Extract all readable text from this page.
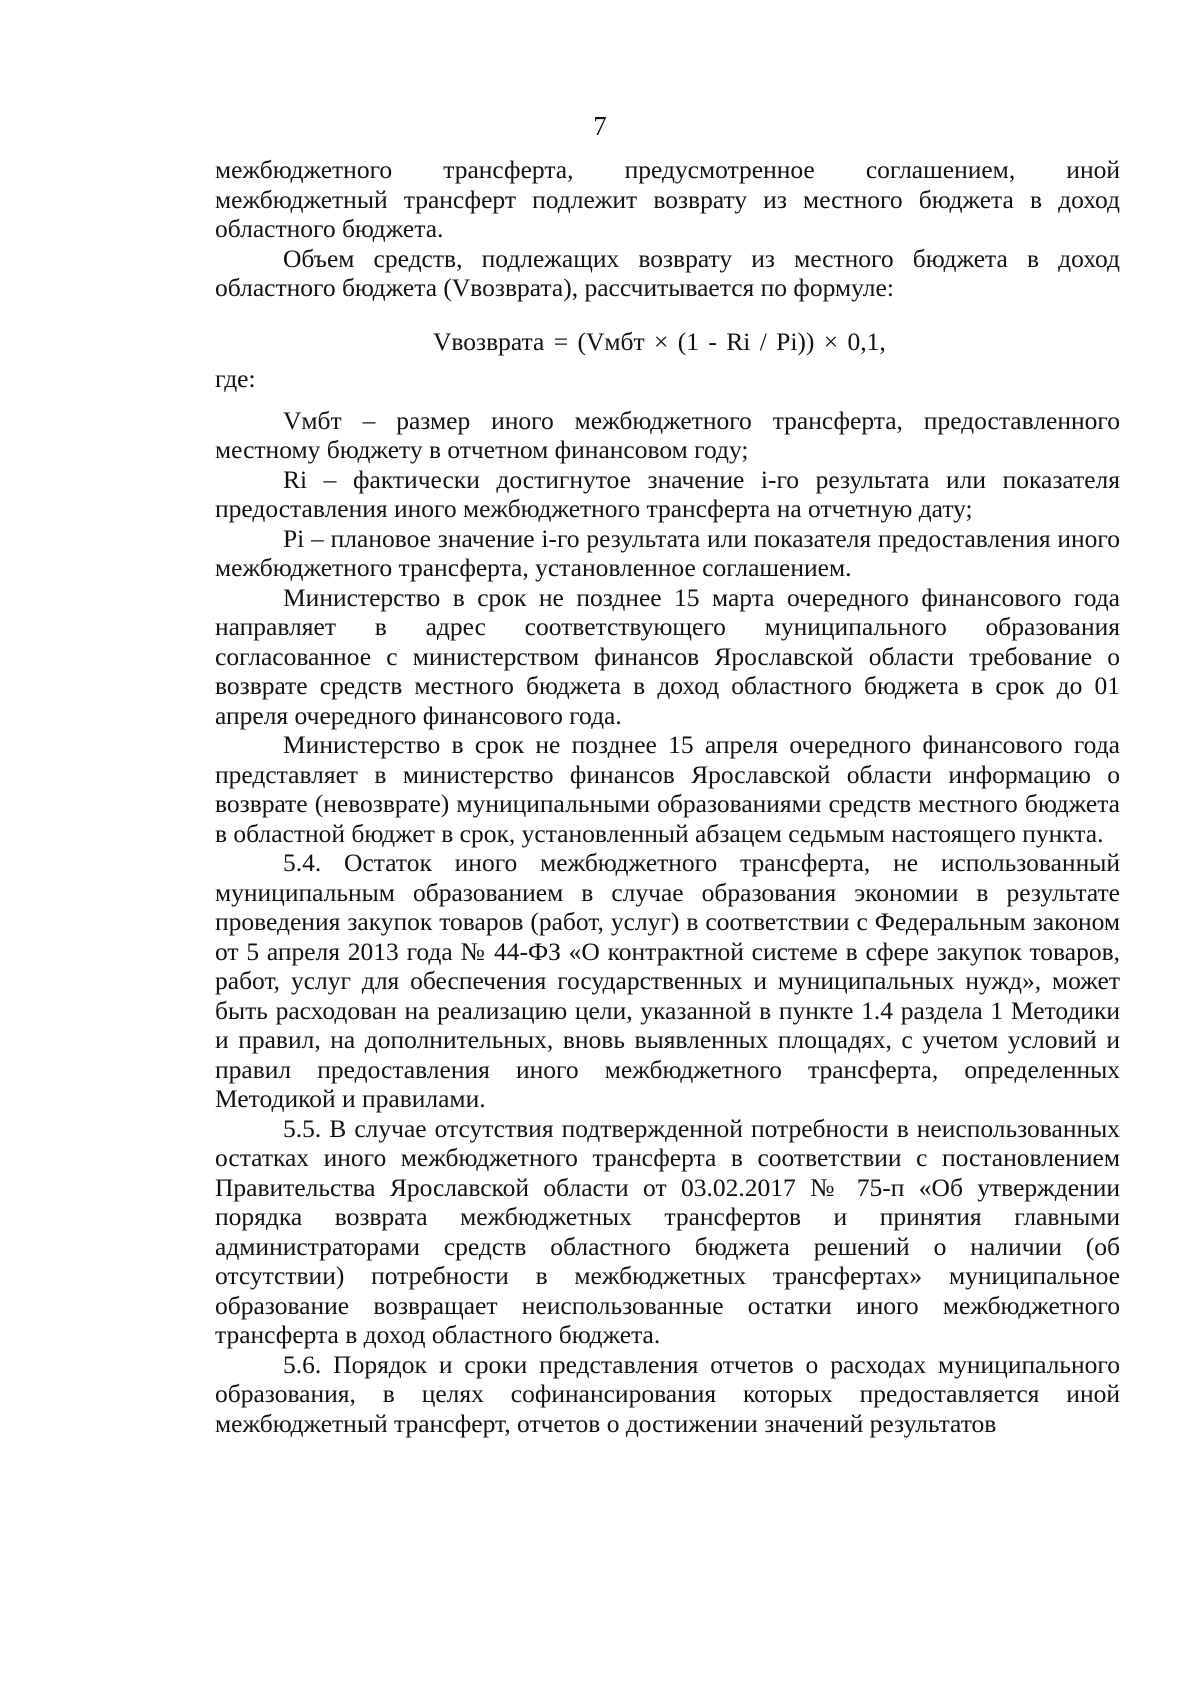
7

межбюджетного трансферта, предусмотренное соглашением, иной межбюджетный трансферт подлежит возврату из местного бюджета в доход областного бюджета.

Объем средств, подлежащих возврату из местного бюджета в доход областного бюджета (Vвозврата), рассчитывается по формуле:

Vвозврата = (Vмбт × (1 - Ri / Pi)) × 0,1,

где:

Vмбт – размер иного межбюджетного трансферта, предоставленного местному бюджету в отчетном финансовом году;

Ri – фактически достигнутое значение i-го результата или показателя предоставления иного межбюджетного трансферта на отчетную дату;

Pi – плановое значение i-го результата или показателя предоставления иного межбюджетного трансферта, установленное соглашением.

Министерство в срок не позднее 15 марта очередного финансового года направляет в адрес соответствующего муниципального образования согласованное с министерством финансов Ярославской области требование о возврате средств местного бюджета в доход областного бюджета в срок до 01 апреля очередного финансового года.

Министерство в срок не позднее 15 апреля очередного финансового года представляет в министерство финансов Ярославской области информацию о возврате (невозврате) муниципальными образованиями средств местного бюджета в областной бюджет в срок, установленный абзацем седьмым настоящего пункта.

5.4. Остаток иного межбюджетного трансферта, не использованный муниципальным образованием в случае образования экономии в результате проведения закупок товаров (работ, услуг) в соответствии с Федеральным законом от 5 апреля 2013 года № 44-ФЗ «О контрактной системе в сфере закупок товаров, работ, услуг для обеспечения государственных и муниципальных нужд», может быть расходован на реализацию цели, указанной в пункте 1.4 раздела 1 Методики и правил, на дополнительных, вновь выявленных площадях, с учетом условий и правил предоставления иного межбюджетного трансферта, определенных Методикой и правилами.

5.5. В случае отсутствия подтвержденной потребности в неиспользованных остатках иного межбюджетного трансферта в соответствии с постановлением Правительства Ярославской области от 03.02.2017 № 75-п «Об утверждении порядка возврата межбюджетных трансфертов и принятия главными администраторами средств областного бюджета решений о наличии (об отсутствии) потребности в межбюджетных трансфертах» муниципальное образование возвращает неиспользованные остатки иного межбюджетного трансферта в доход областного бюджета.

5.6. Порядок и сроки представления отчетов о расходах муниципального образования, в целях софинансирования которых предоставляется иной межбюджетный трансферт, отчетов о достижении значений результатов
